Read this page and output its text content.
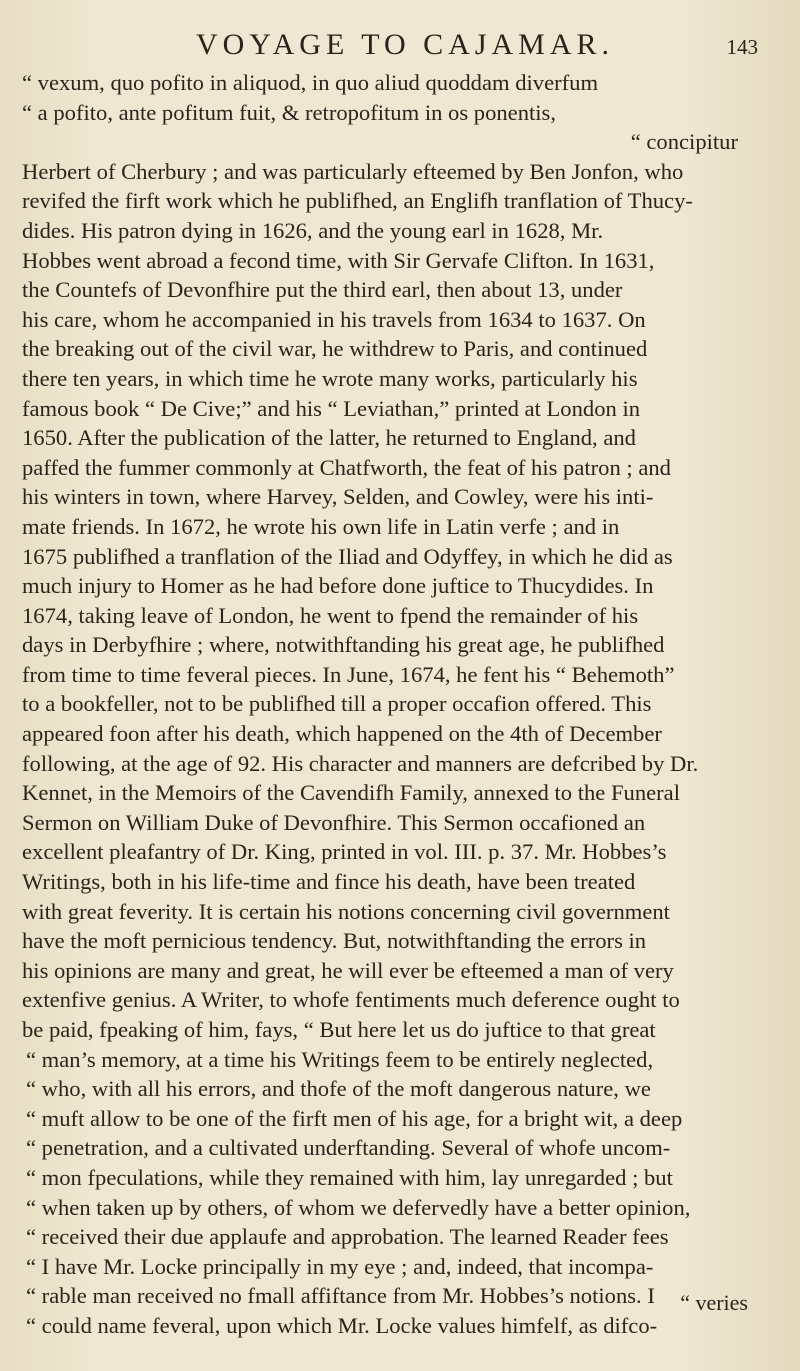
VOYAGE TO CAJAMAR.	143
“ vexum, quo pofito in aliquod, in quo aliud quoddam diverfum
“ a pofito, ante pofitum fuit, & retropofitum in os ponentis,
“ concipitur
Herbert of Cherbury ; and was particularly efteemed by Ben Jonfon, who
revifed the firft work which he publifhed, an Englifh tranflation of Thucy-
dides. His patron dying in 1626, and the young earl in 1628, Mr.
Hobbes went abroad a fecond time, with Sir Gervafe Clifton. In 1631,
the Countefs of Devonfhire put the third earl, then about 13, under
his care, whom he accompanied in his travels from 1634 to 1637. On
the breaking out of the civil war, he withdrew to Paris, and continued
there ten years, in which time he wrote many works, particularly his
famous book “ De Cive;” and his “ Leviathan,” printed at London in
1650. After the publication of the latter, he returned to England, and
paffed the fummer commonly at Chatfworth, the feat of his patron ; and
his winters in town, where Harvey, Selden, and Cowley, were his inti-
mate friends. In 1672, he wrote his own life in Latin verfe ; and in
1675 publifhed a tranflation of the Iliad and Odyffey, in which he did as
much injury to Homer as he had before done juftice to Thucydides. In
1674, taking leave of London, he went to fpend the remainder of his
days in Derbyfhire ; where, notwithftanding his great age, he publifhed
from time to time feveral pieces. In June, 1674, he fent his “ Behemoth”
to a bookfeller, not to be publifhed till a proper occafion offered. This
appeared foon after his death, which happened on the 4th of December
following, at the age of 92. His character and manners are defcribed by Dr.
Kennet, in the Memoirs of the Cavendifh Family, annexed to the Funeral
Sermon on William Duke of Devonfhire. This Sermon occafioned an
excellent pleafantry of Dr. King, printed in vol. III. p. 37. Mr. Hobbes’s
Writings, both in his life-time and fince his death, have been treated
with great feverity. It is certain his notions concerning civil government
have the moft pernicious tendency. But, notwithftanding the errors in
his opinions are many and great, he will ever be efteemed a man of very
extenfive genius. A Writer, to whofe fentiments much deference ought to
be paid, fpeaking of him, fays, “ But here let us do juftice to that great
“ man’s memory, at a time his Writings feem to be entirely neglected,
“ who, with all his errors, and thofe of the moft dangerous nature, we
“ muft allow to be one of the firft men of his age, for a bright wit, a deep
“ penetration, and a cultivated underftanding. Several of whofe uncom-
“ mon fpeculations, while they remained with him, lay unregarded ; but
“ when taken up by others, of whom we defervedly have a better opinion,
“ received their due applaufe and approbation. The learned Reader fees
“ I have Mr. Locke principally in my eye ; and, indeed, that incompa-
“ rable man received no fmall affiftance from Mr. Hobbes’s notions. I
“ could name feveral, upon which Mr. Locke values himfelf, as difco-
“ veries
